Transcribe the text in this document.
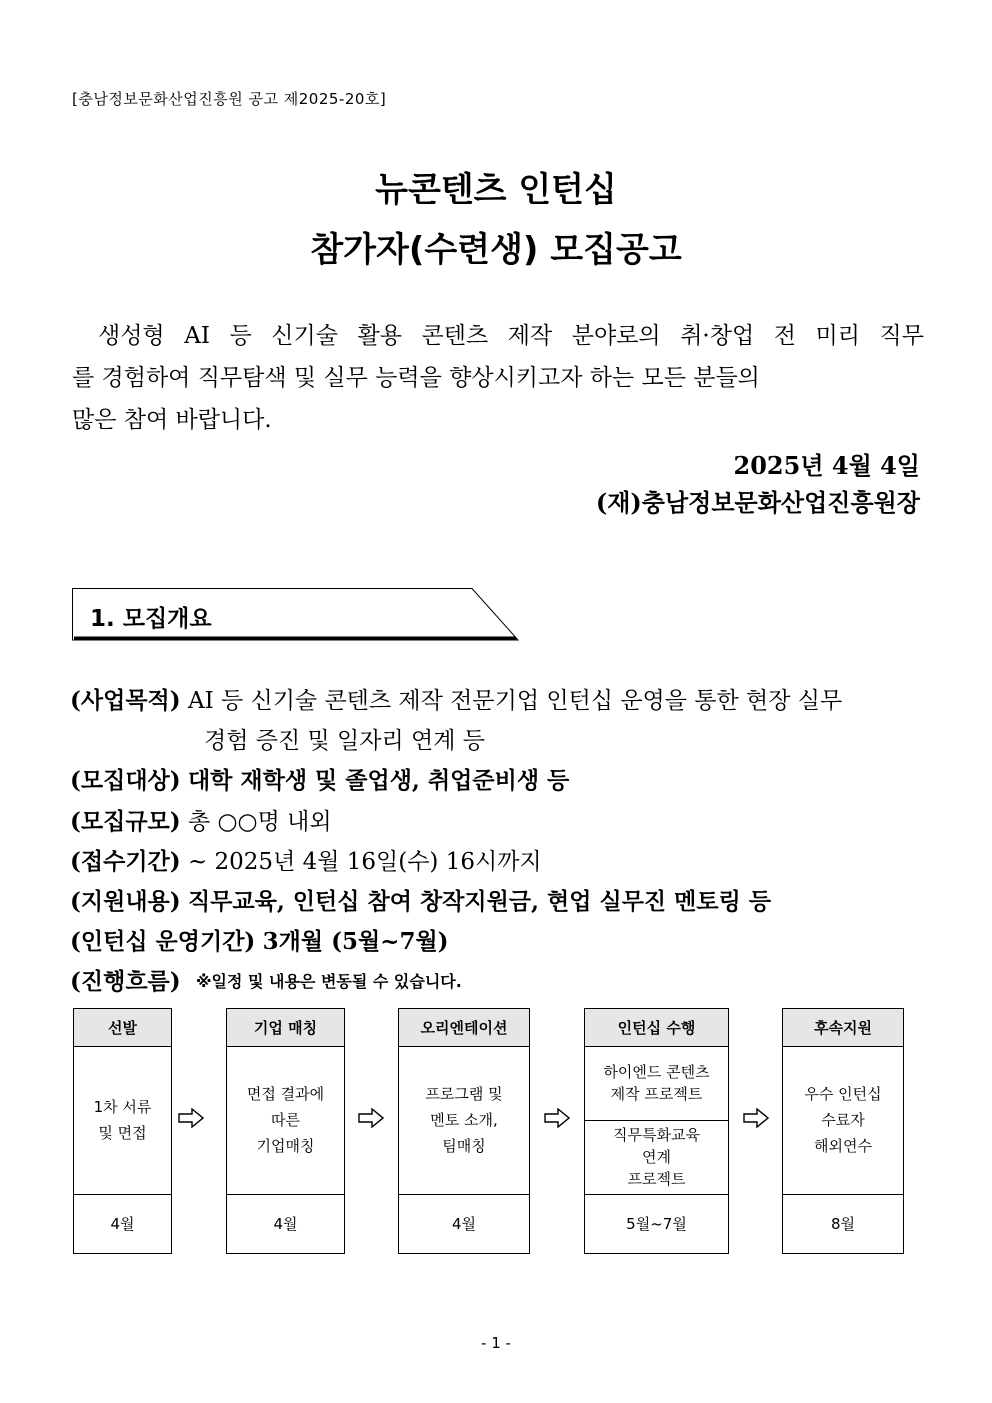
[충남정보문화산업진흥원 공고 제2025-20호]
뉴콘텐츠 인턴십
참가자(수련생) 모집공고
생성형 AI 등 신기술 활용 콘텐츠 제작 분야로의 취·창업 전 미리 직무
를 경험하여 직무탐색 및 실무 능력을 향상시키고자 하는 모든 분들의
많은 참여 바랍니다.
2025년 4월 4일
(재)충남정보문화산업진흥원장
1. 모집개요
(사업목적) AI 등 신기술 콘텐츠 제작 전문기업 인턴십 운영을 통한 현장 실무
경험 증진 및 일자리 연계 등
(모집대상) 대학 재학생 및 졸업생, 취업준비생 등
(모집규모) 총 ○○명 내외
(접수기간) ~ 2025년 4월 16일(수) 16시까지
(지원내용) 직무교육, 인턴십 참여 창작지원금, 현업 실무진 멘토링 등
(인턴십 운영기간) 3개월 (5월~7월)
(진행흐름) ※일정 및 내용은 변동될 수 있습니다.
선발
1차 서류
및 면접
4월
기업 매칭
면접 결과에
따른
기업매칭
4월
오리엔테이션
프로그램 및
멘토 소개,
팀매칭
4월
인턴십 수행
하이엔드 콘텐츠
제작 프로젝트
직무특화교육
연계
프로젝트
5월~7월
후속지원
우수 인턴십
수료자
해외연수
8월
- 1 -
